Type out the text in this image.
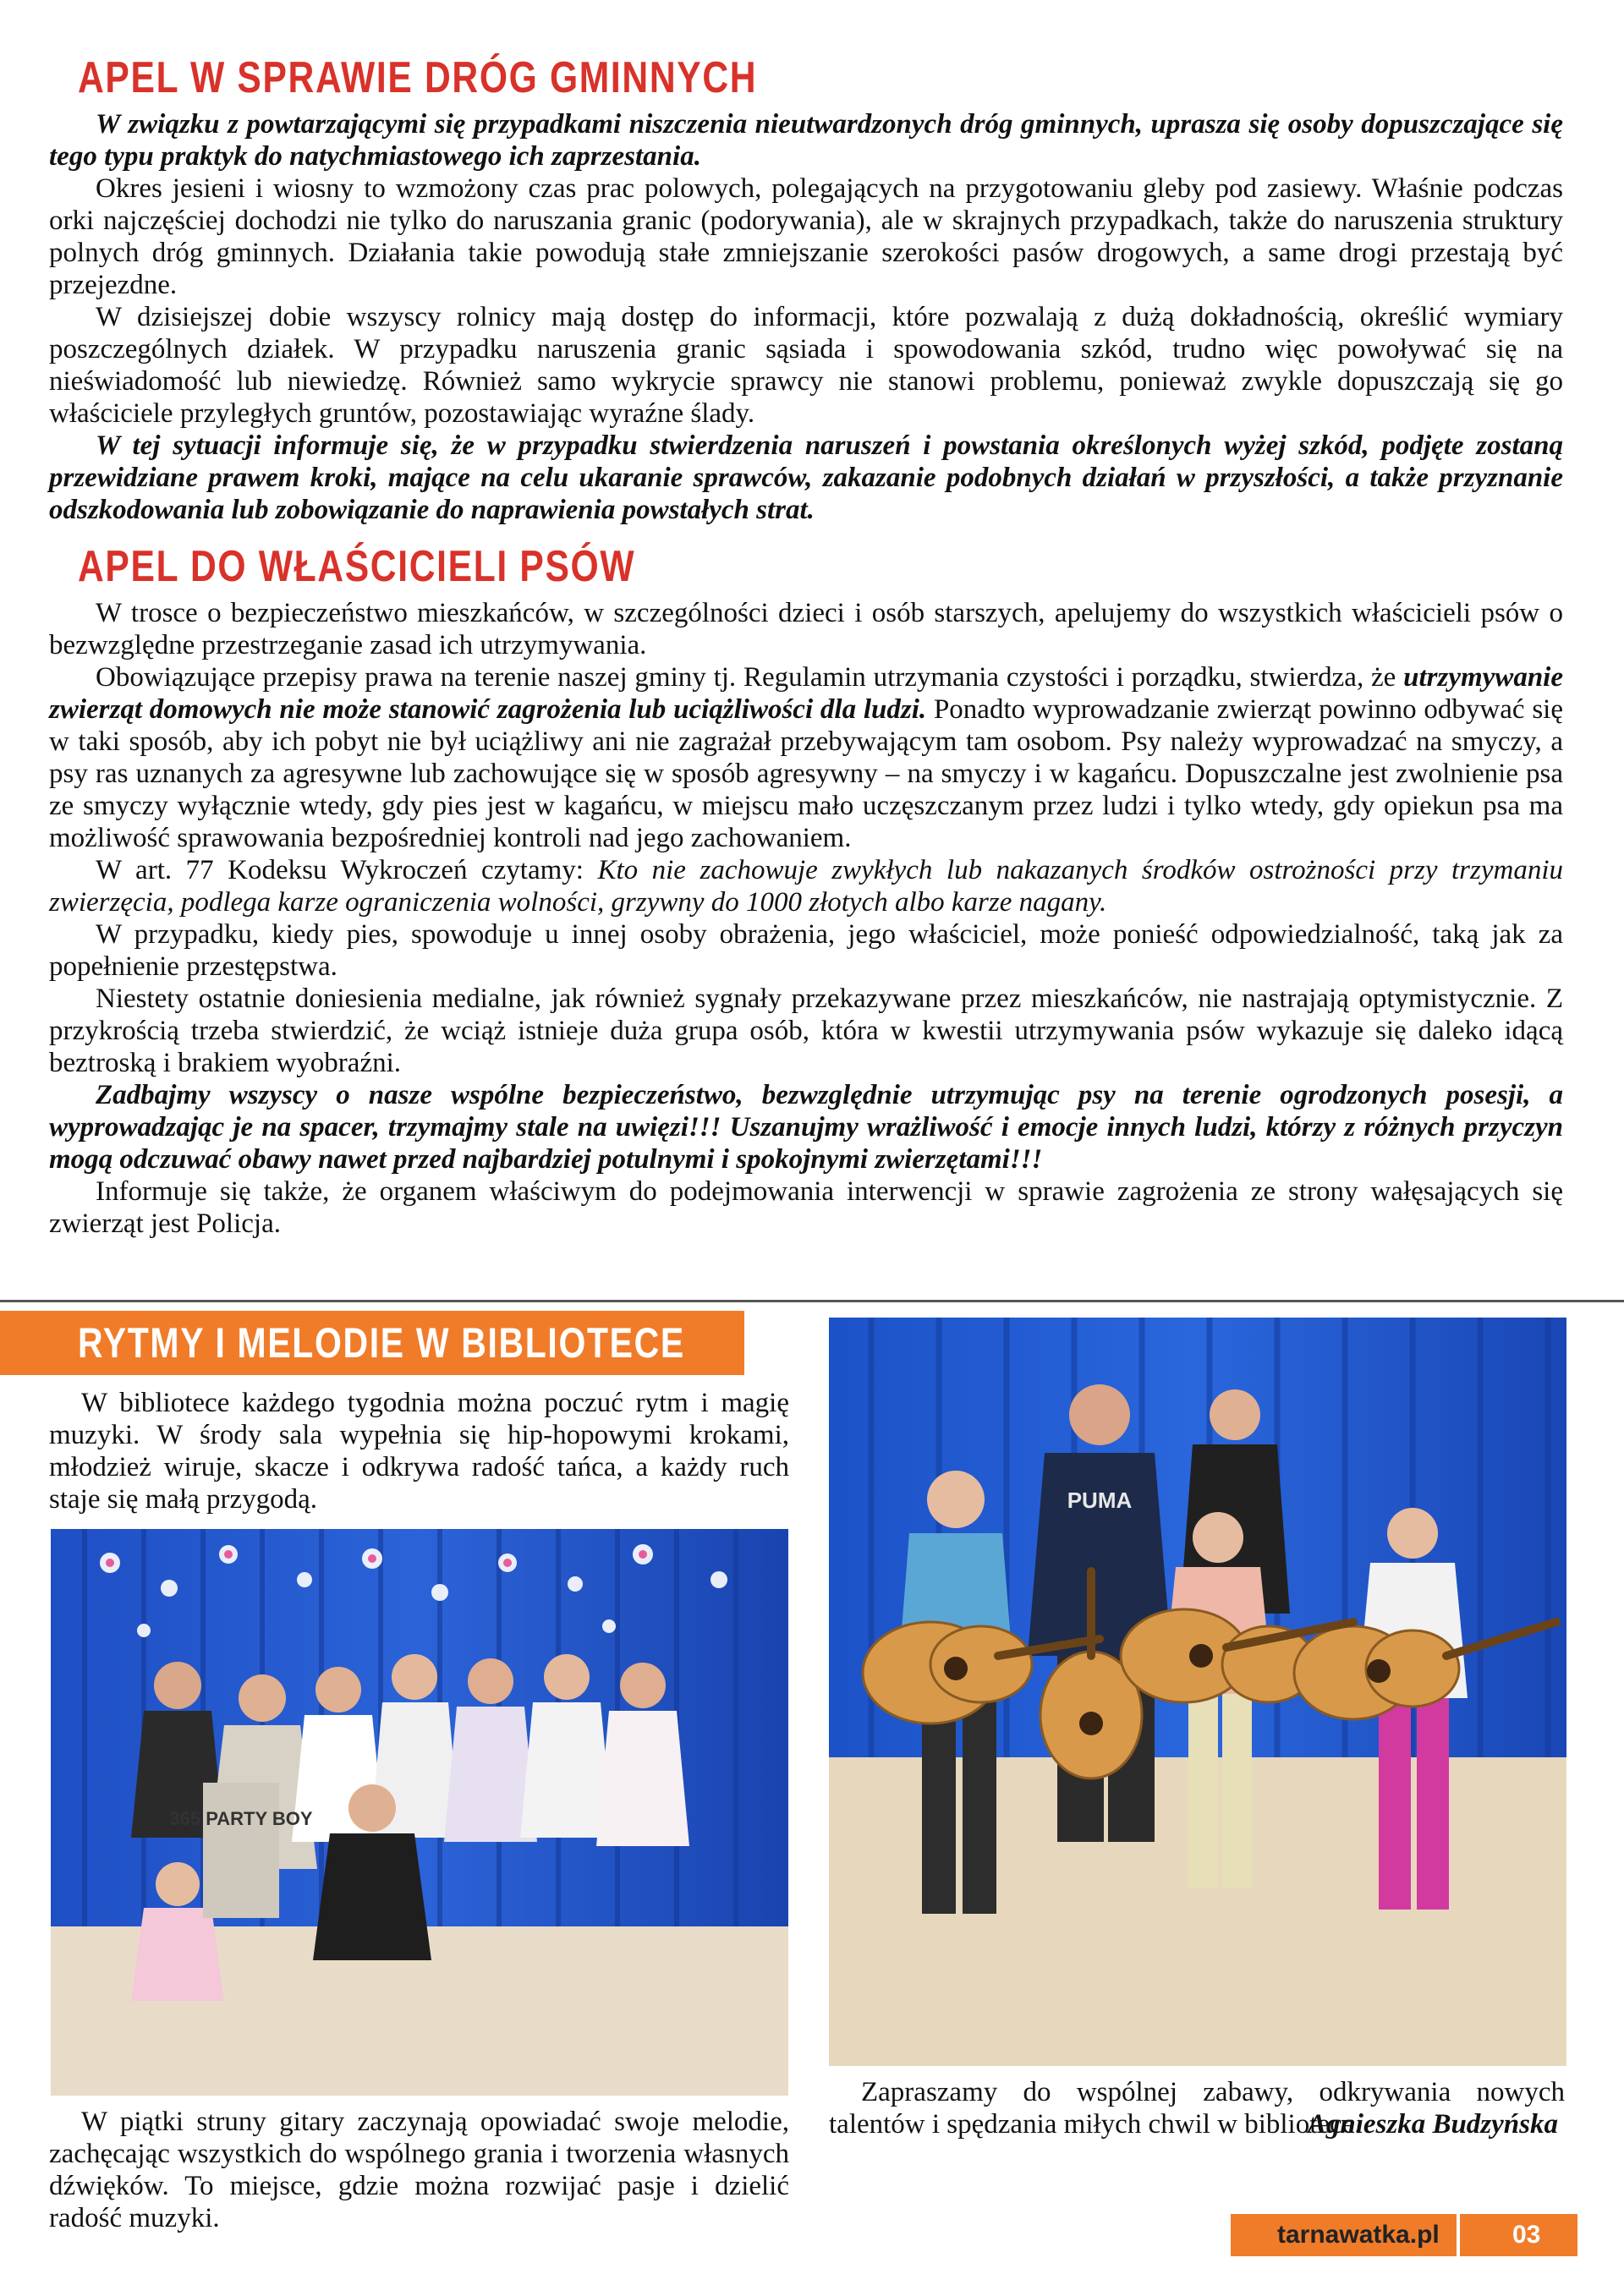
APEL W SPRAWIE DRÓG GMINNYCH

W związku z powtarzającymi się przypadkami niszczenia nieutwardzonych dróg gminnych, uprasza się osoby dopuszczające się tego typu praktyk do natychmiastowego ich zaprzestania.

Okres jesieni i wiosny to wzmożony czas prac polowych, polegających na przygotowaniu gleby pod zasiewy. Właśnie podczas orki najczęściej dochodzi nie tylko do naruszania granic (podorywania), ale w skrajnych przypadkach, także do naruszenia struktury polnych dróg gminnych. Działania takie powodują stałe zmniejszanie szerokości pasów drogowych, a same drogi przestają być przejezdne.

W dzisiejszej dobie wszyscy rolnicy mają dostęp do informacji, które pozwalają z dużą dokładnością, określić wymiary poszczególnych działek. W przypadku naruszenia granic sąsiada i spowodowania szkód, trudno więc powoływać się na nieświadomość lub niewiedzę. Również samo wykrycie sprawcy nie stanowi problemu, ponieważ zwykle dopuszczają się go właściciele przyległych gruntów, pozostawiając wyraźne ślady.

W tej sytuacji informuje się, że w przypadku stwierdzenia naruszeń i powstania określonych wyżej szkód, podjęte zostaną przewidziane prawem kroki, mające na celu ukaranie sprawców, zakazanie podobnych działań w przyszłości, a także przyznanie odszkodowania lub zobowiązanie do naprawienia powstałych strat.

APEL DO WŁAŚCICIELI PSÓW

W trosce o bezpieczeństwo mieszkańców, w szczególności dzieci i osób starszych, apelujemy do wszystkich właścicieli psów o bezwzględne przestrzeganie zasad ich utrzymywania.

Obowiązujące przepisy prawa na terenie naszej gminy tj. Regulamin utrzymania czystości i porządku, stwierdza, że utrzymywanie zwierząt domowych nie może stanowić zagrożenia lub uciążliwości dla ludzi. Ponadto wyprowadzanie zwierząt powinno odbywać się w taki sposób, aby ich pobyt nie był uciążliwy ani nie zagrażał przebywającym tam osobom. Psy należy wyprowadzać na smyczy, a psy ras uznanych za agresywne lub zachowujące się w sposób agresywny – na smyczy i w kagańcu. Dopuszczalne jest zwolnienie psa ze smyczy wyłącznie wtedy, gdy pies jest w kagańcu, w miejscu mało uczęszczanym przez ludzi i tylko wtedy, gdy opiekun psa ma możliwość sprawowania bezpośredniej kontroli nad jego zachowaniem.

W art. 77 Kodeksu Wykroczeń czytamy: Kto nie zachowuje zwykłych lub nakazanych środków ostrożności przy trzymaniu zwierzęcia, podlega karze ograniczenia wolności, grzywny do 1000 złotych albo karze nagany.

W przypadku, kiedy pies, spowoduje u innej osoby obrażenia, jego właściciel, może ponieść odpowiedzialność, taką jak za popełnienie przestępstwa.

Niestety ostatnie doniesienia medialne, jak również sygnały przekazywane przez mieszkańców, nie nastrajają optymistycznie. Z przykrością trzeba stwierdzić, że wciąż istnieje duża grupa osób, która w kwestii utrzymywania psów wykazuje się daleko idącą beztroską i brakiem wyobraźni.

Zadbajmy wszyscy o nasze wspólne bezpieczeństwo, bezwzględnie utrzymując psy na terenie ogrodzonych posesji, a wyprowadzając je na spacer, trzymajmy stale na uwięzi!!! Uszanujmy wrażliwość i emocje innych ludzi, którzy z różnych przyczyn mogą odczuwać obawy nawet przed najbardziej potulnymi i spokojnymi zwierzętami!!!

Informuje się także, że organem właściwym do podejmowania interwencji w sprawie zagrożenia ze strony wałęsających się zwierząt jest Policja.

RYTMY I MELODIE W BIBLIOTECE

W bibliotece każdego tygodnia można poczuć rytm i magię muzyki. W środy sala wypełnia się hip-hopowymi krokami, młodzież wiruje, skacze i odkrywa radość tańca, a każdy ruch staje się małą przygodą.

365 PARTY BOY

W piątki struny gitary zaczynają opowiadać swoje melodie, zachęcając wszystkich do wspólnego grania i tworzenia własnych dźwięków. To miejsce, gdzie można rozwijać pasje i dzielić radość muzyki.

PUMA

Zapraszamy do wspólnej zabawy, odkrywania nowych talentów i spędzania miłych chwil w bibliotece.

Agnieszka Budzyńska
tarnawatka.pl	03
